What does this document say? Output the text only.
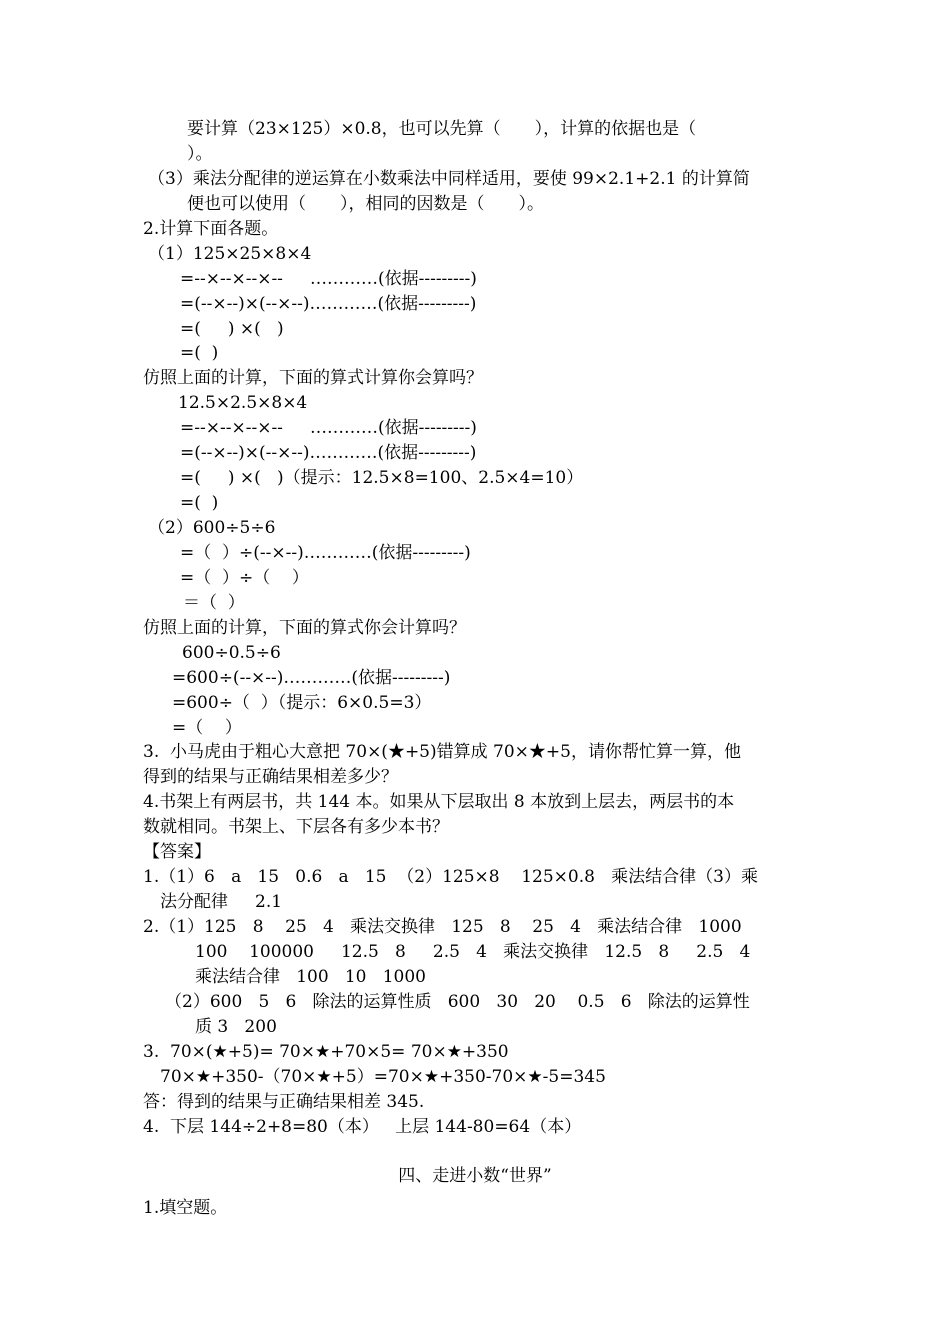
要计算（23×125）×0.8，也可以先算（　　），计算的依据也是（
）。
（3）乘法分配律的逆运算在小数乘法中同样适用，要使 99×2.1+2.1 的计算简
便也可以使用（　　），相同的因数是（　　）。
2.计算下面各题。
（1）125×25×8×4
=--×--×--×--     …………(依据---------)
=(--×--)×(--×--)…………(依据---------)
=(     ) ×(   )
=(  )
仿照上面的计算，下面的算式计算你会算吗？
12.5×2.5×8×4
=--×--×--×--     …………(依据---------)
=(--×--)×(--×--)…………(依据---------)
=(     ) ×(   )（提示：12.5×8=100、2.5×4=10）
=(  )
（2）600÷5÷6
=（  ）÷(--×--)…………(依据---------)
=（  ）÷（    ）
＝（  ）
仿照上面的计算，下面的算式你会计算吗？
600÷0.5÷6
=600÷(--×--)…………(依据---------)
=600÷（  ）（提示：6×0.5=3）
=（    ）
3.  小马虎由于粗心大意把 70×(★+5)错算成 70×★+5，请你帮忙算一算，他
得到的结果与正确结果相差多少？
4.书架上有两层书，共 144 本。如果从下层取出 8 本放到上层去，两层书的本
数就相同。书架上、下层各有多少本书？
【答案】
1.（1）6   a   15   0.6   a   15  （2）125×8    125×0.8   乘法结合律（3）乘
法分配律     2.1
2.（1）125   8    25   4   乘法交换律   125   8    25   4   乘法结合律   1000
100    100000     12.5   8     2.5   4   乘法交换律   12.5   8     2.5   4
乘法结合律   100   10   1000
（2）600   5   6   除法的运算性质   600   30   20    0.5   6   除法的运算性
质 3   200
3.  70×(★+5)= 70×★+70×5= 70×★+350
70×★+350-（70×★+5）=70×★+350-70×★-5=345
答：得到的结果与正确结果相差 345.
4.  下层 144÷2+8=80（本）   上层 144-80=64（本）
四、走进小数“世界”
1.填空题。
